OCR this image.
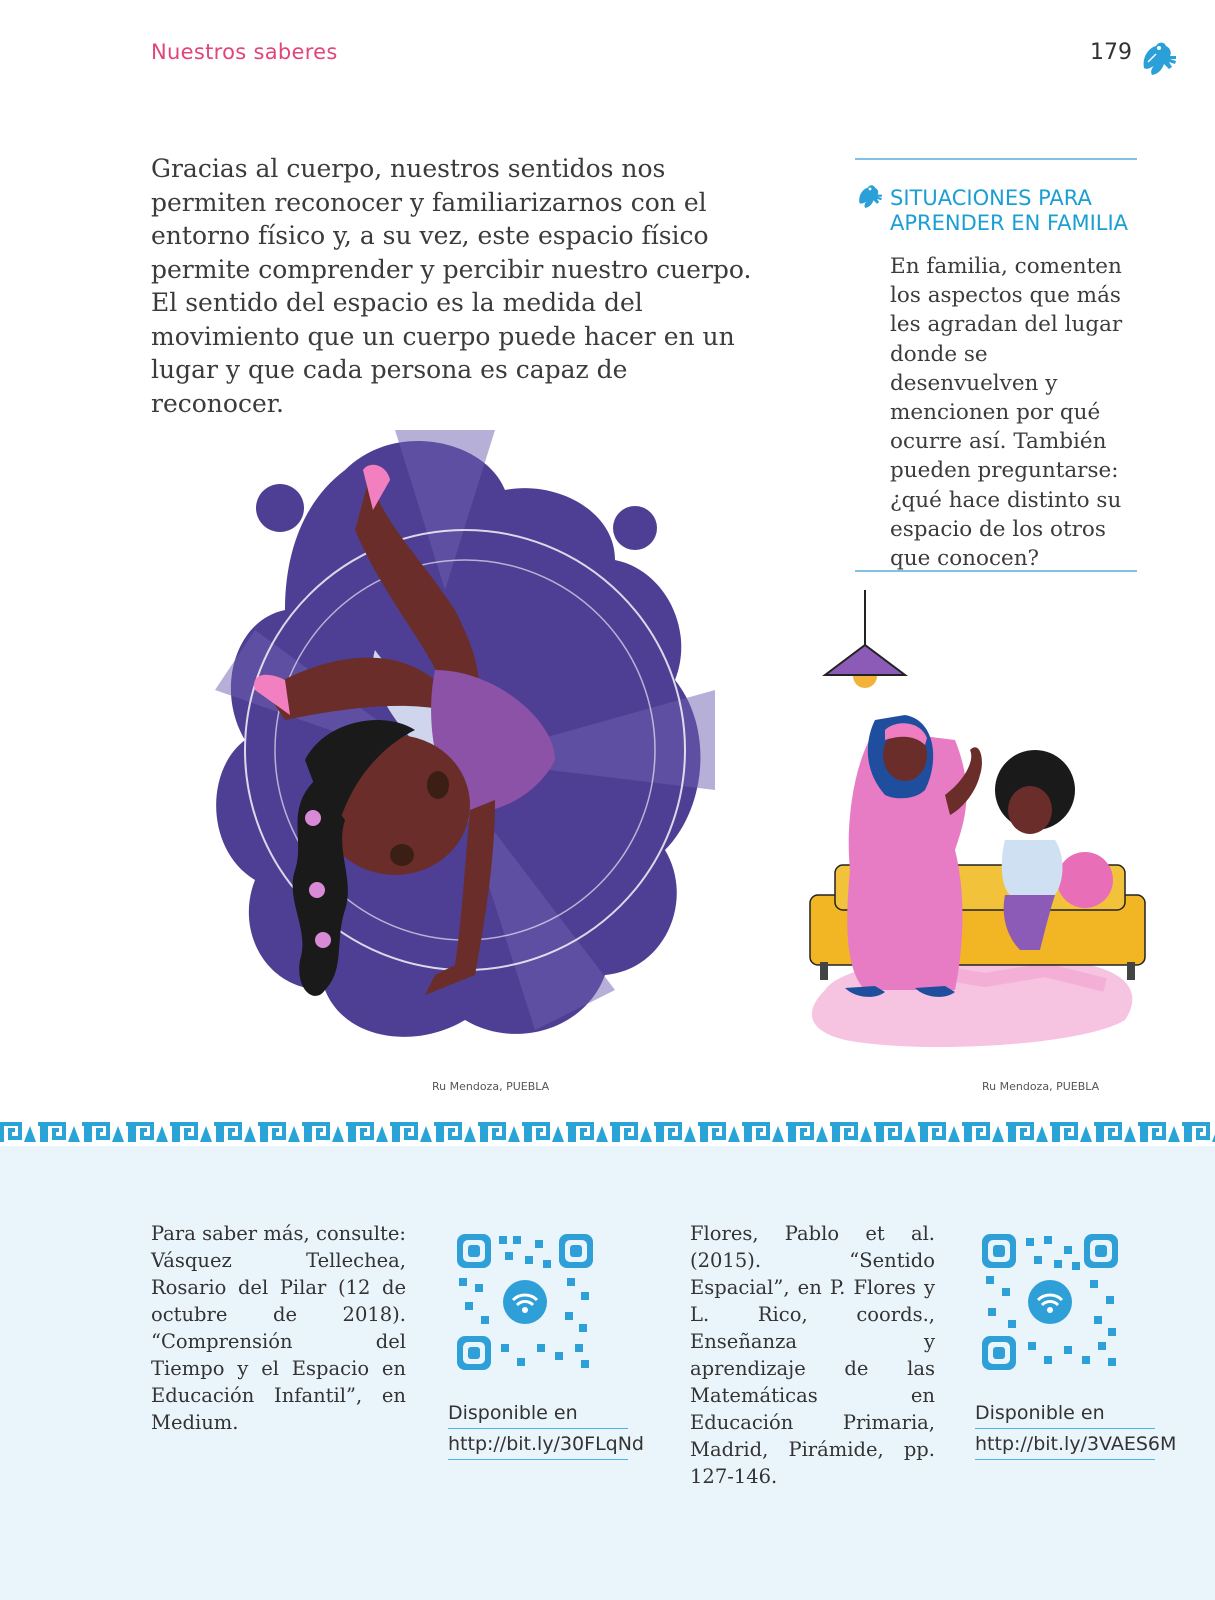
Nuestros saberes	179

Gracias al cuerpo, nuestros sentidos nos permiten reconocer y familiarizarnos con el entorno físico y, a su vez, este espacio físico permite comprender y percibir nuestro cuerpo. El sentido del espacio es la medida del movimiento que un cuerpo puede hacer en un lugar y que cada persona es capaz de reconocer.

SITUACIONES PARA
APRENDER EN FAMILIA

En familia, comenten los aspectos que más les agradan del lugar donde se desenvuelven y mencionen por qué ocurre así. También pueden preguntarse: ¿qué hace distinto su espacio de los otros que conocen?

Ru Mendoza, PUEBLA	Ru Mendoza, PUEBLA

Para saber más, consulte: Vásquez Tellechea, Rosario del Pilar (12 de octubre de 2018). “Comprensión del Tiempo y el Espacio en Educación Infantil”, en Medium.	Disponible en
http://bit.ly/30FLqNd

Flores, Pablo et al. (2015). “Sentido Espacial”, en P. Flores y L. Rico, coords., Enseñanza y aprendizaje de las Matemáticas en Educación Primaria, Madrid, Pirámide, pp. 127-146.

Disponible en
http://bit.ly/3VAES6M
